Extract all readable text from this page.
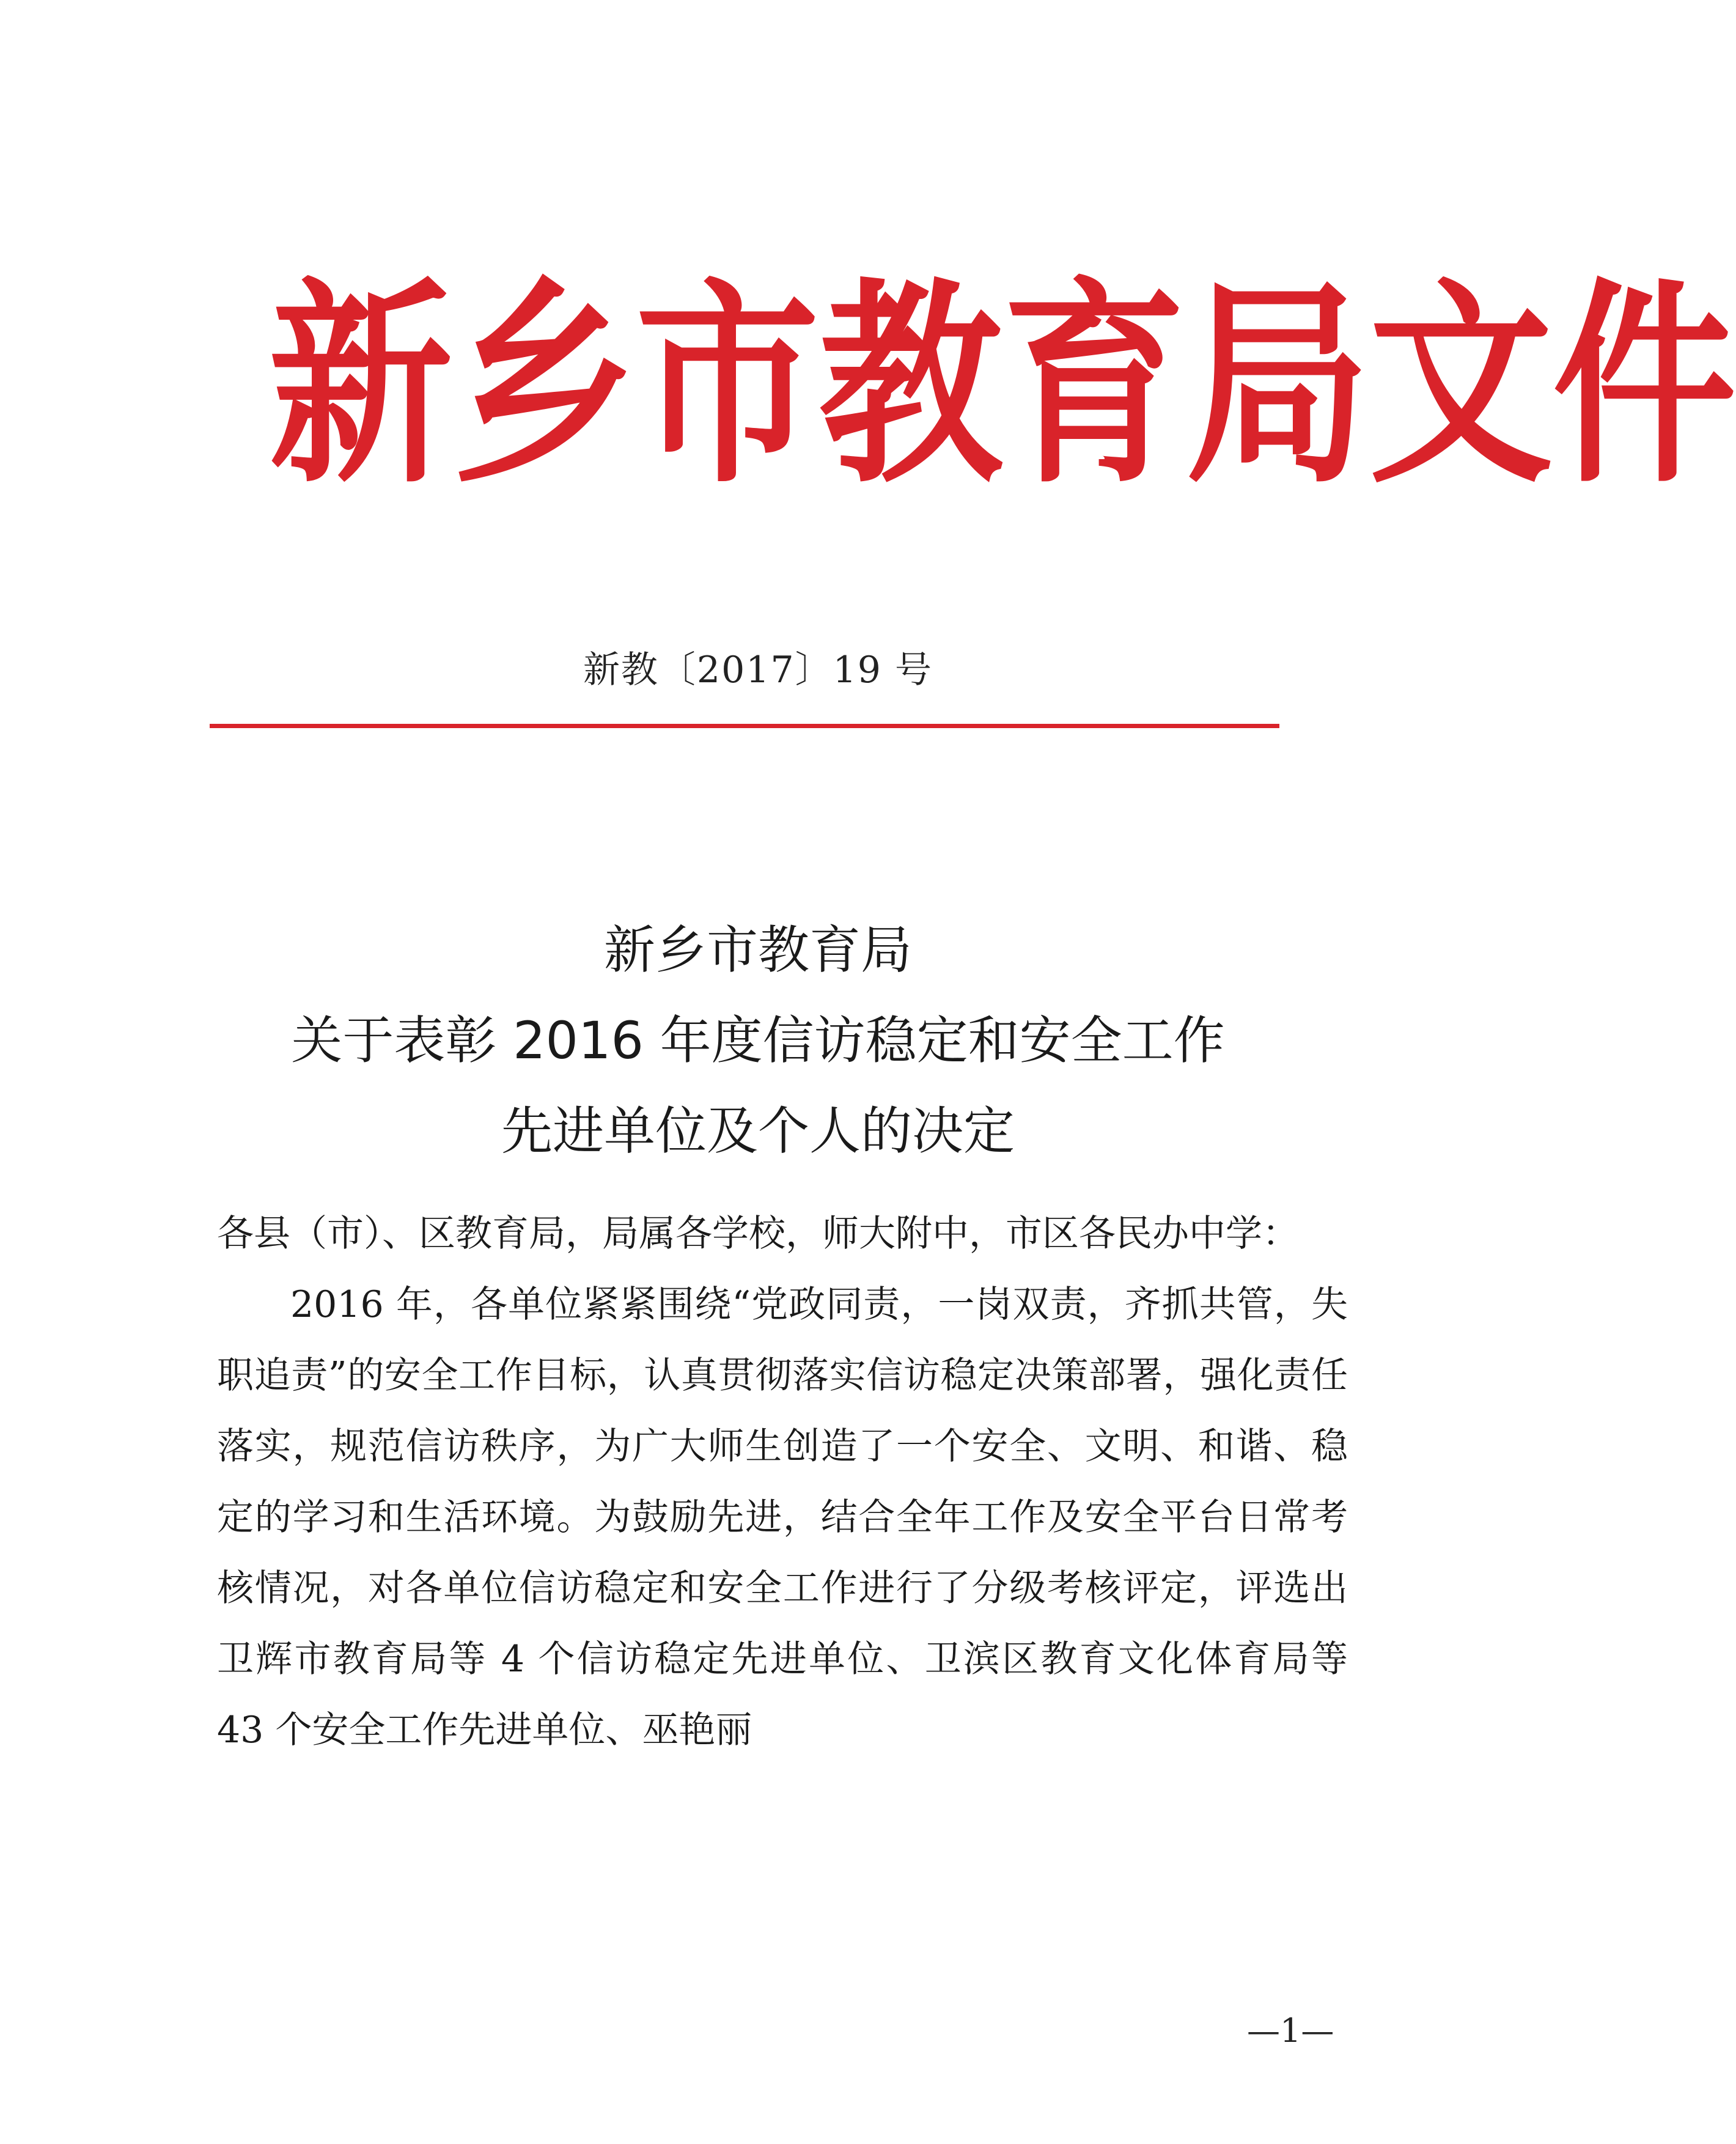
新 乡 市 教 育 局 文 件
新教〔2017〕19 号
新乡市教育局
关于表彰 2016 年度信访稳定和安全工作
先进单位及个人的决定

各县（市）、区教育局，局属各学校，师大附中，市区各民办中学：

2016 年，各单位紧紧围绕“党政同责，一岗双责，齐抓共管，失职追责”的安全工作目标，认真贯彻落实信访稳定决策部署，强化责任落实，规范信访秩序，为广大师生创造了一个安全、文明、和谐、稳定的学习和生活环境。为鼓励先进，结合全年工作及安全平台日常考核情况，对各单位信访稳定和安全工作进行了分级考核评定，评选出卫辉市教育局等 4 个信访稳定先进单位、卫滨区教育文化体育局等 43 个安全工作先进单位、巫艳丽

—1—
